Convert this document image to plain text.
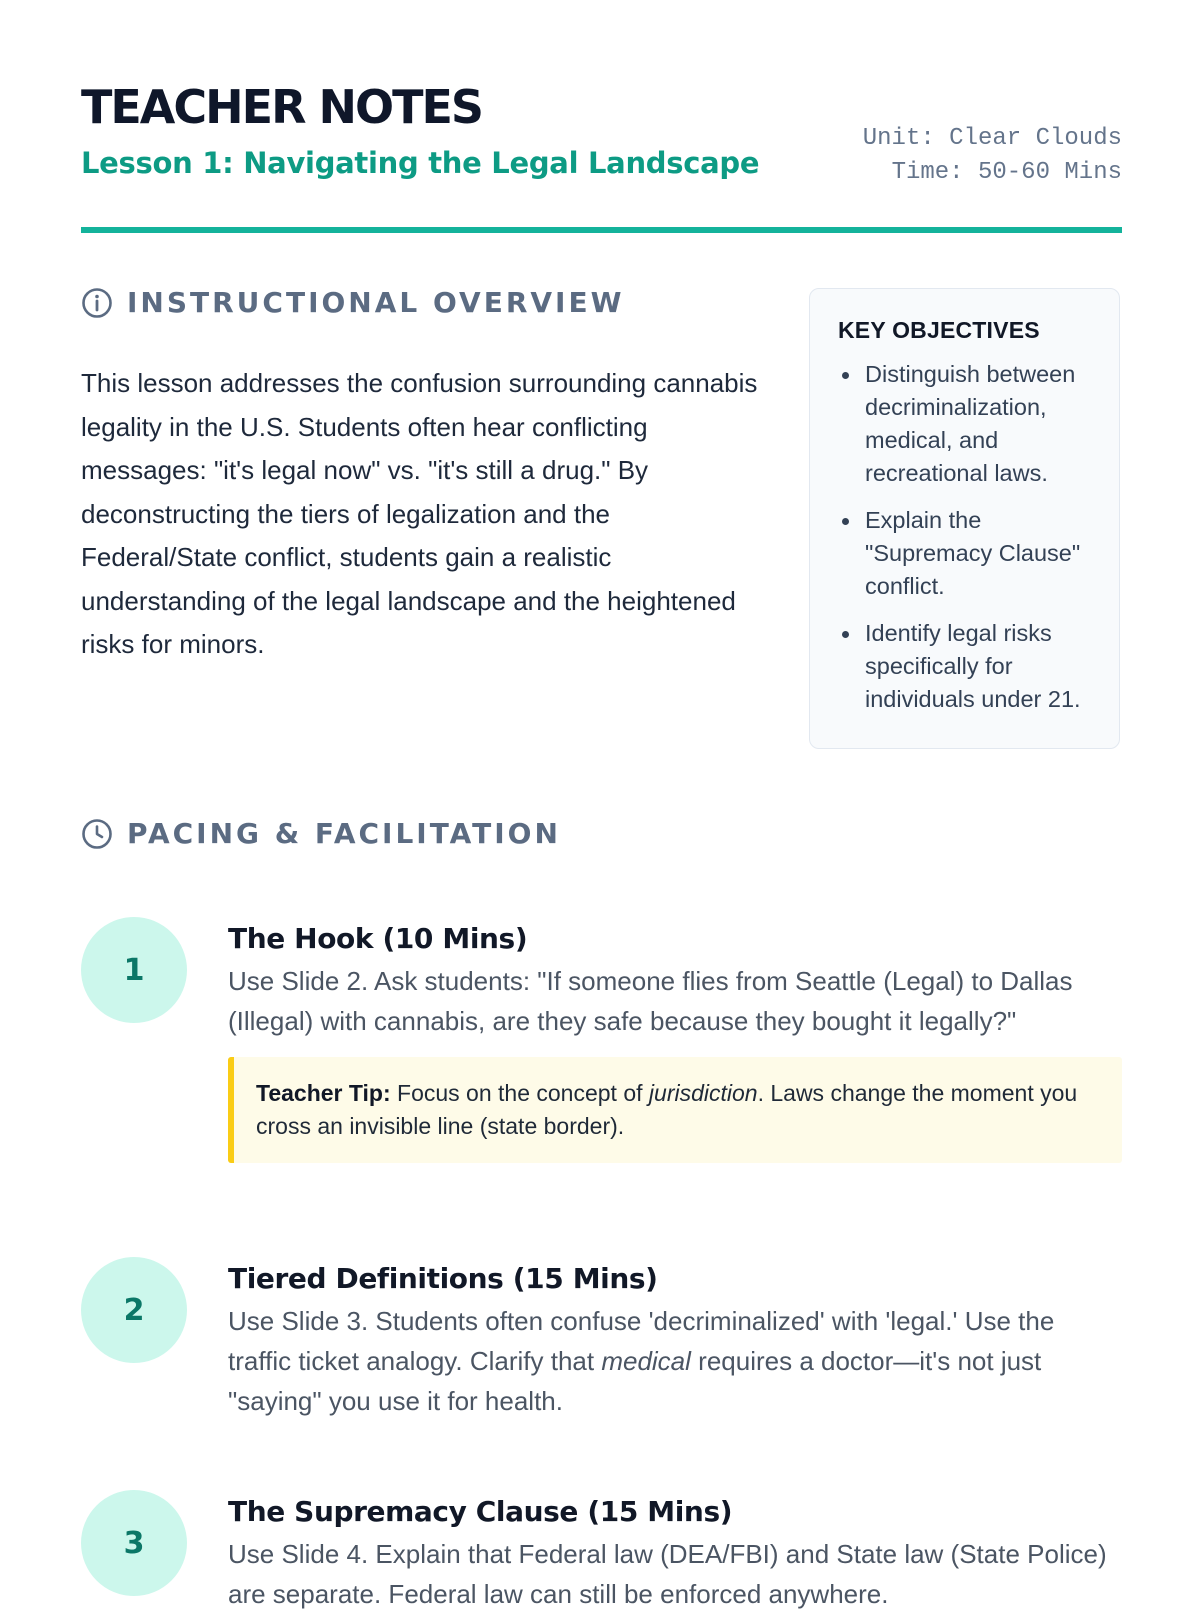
TEACHER NOTES
Lesson 1: Navigating the Legal Landscape
Unit: Clear Clouds
Time: 50-60 Mins
INSTRUCTIONAL OVERVIEW

This lesson addresses the confusion surrounding cannabis legality in the U.S. Students often hear conflicting messages: "it's legal now" vs. "it's still a drug." By deconstructing the tiers of legalization and the Federal/State conflict, students gain a realistic understanding of the legal landscape and the heightened risks for minors.

KEY OBJECTIVES
Distinguish between decriminalization, medical, and recreational laws.
Explain the "Supremacy Clause" conflict.
Identify legal risks specifically for individuals under 21.
PACING & FACILITATION
1
The Hook (10 Mins)

Use Slide 2. Ask students: "If someone flies from Seattle (Legal) to Dallas (Illegal) with cannabis, are they safe because they bought it legally?"

Teacher Tip: Focus on the concept of jurisdiction. Laws change the moment you cross an invisible line (state border).
2
Tiered Definitions (15 Mins)

Use Slide 3. Students often confuse 'decriminalized' with 'legal.' Use the traffic ticket analogy. Clarify that medical requires a doctor—it's not just "saying" you use it for health.

3
The Supremacy Clause (15 Mins)

Use Slide 4. Explain that Federal law (DEA/FBI) and State law (State Police) are separate. Federal law can still be enforced anywhere.
